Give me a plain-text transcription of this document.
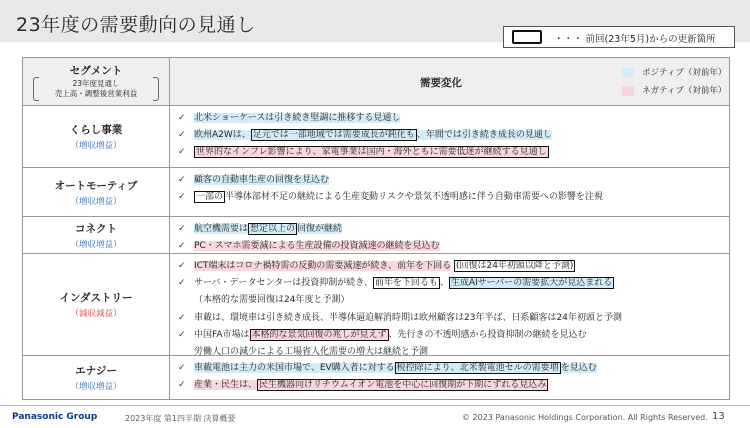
23年度の需要動向の見通し
・・・ 前回(23年5月)からの更新箇所
セグメント
23年度見通し
売上高・調整後営業利益
需要変化
ポジティブ（対前年）
ネガティブ（対前年）
くらし事業
（増収増益）
✓ 北米ショーケースは引き続き堅調に推移する見通し
✓ 欧州A2Wは、 足元では一部地域では需要成長が鈍化も 、年間では引き続き成長の見通し
✓ 世界的なインフレ影響により、家電事業は国内・海外ともに需要低迷が継続する見通し
オートモーティブ
（増収増益）
✓ 顧客の自動車生産の回復を見込む
✓ 一部の 半導体部材不足の継続による生産変動リスクや景気不透明感に伴う自動車需要への影響を注視
コネクト
（増収増益）
✓ 航空機需要は 想定以上の 回復が継続
✓ PC・スマホ需要減による生産設備の投資減速の継続を見込む
インダストリー
（減収減益）
✓ ICT端末はコロナ禍特需の反動の需要減速が続き、前年を下回る (回復は24年初頭以降と予測)
✓ サーバ・データセンターは投資抑制が続き、 前年を下回るも 、 生成AIサーバーの需要拡大が見込まれる
（本格的な需要回復は24年度と予測）
✓ 車載は、環境車は引き続き成長、半導体逼迫解消時期は欧州顧客は23年半ば、日系顧客は24年初頭と予測
✓ 中国FA市場は 本格的な景気回復の兆しが見えず 、先行きの不透明感から投資抑制の継続を見込む
労働人口の減少による工場省人化需要の増大は継続と予測
エナジー
（増収増益）
✓ 車載電池は主力の米国市場で、EV購入者に対する 税控除により、北米製電池セルの需要増 を見込む
✓ 産業・民生は、 民生機器向けリチウムイオン電池を中心に回復期が下期にずれる見込み
Panasonic Group	2023年度 第1四半期 決算概要	© 2023 Panasonic Holdings Corporation. All Rights Reserved. 13
